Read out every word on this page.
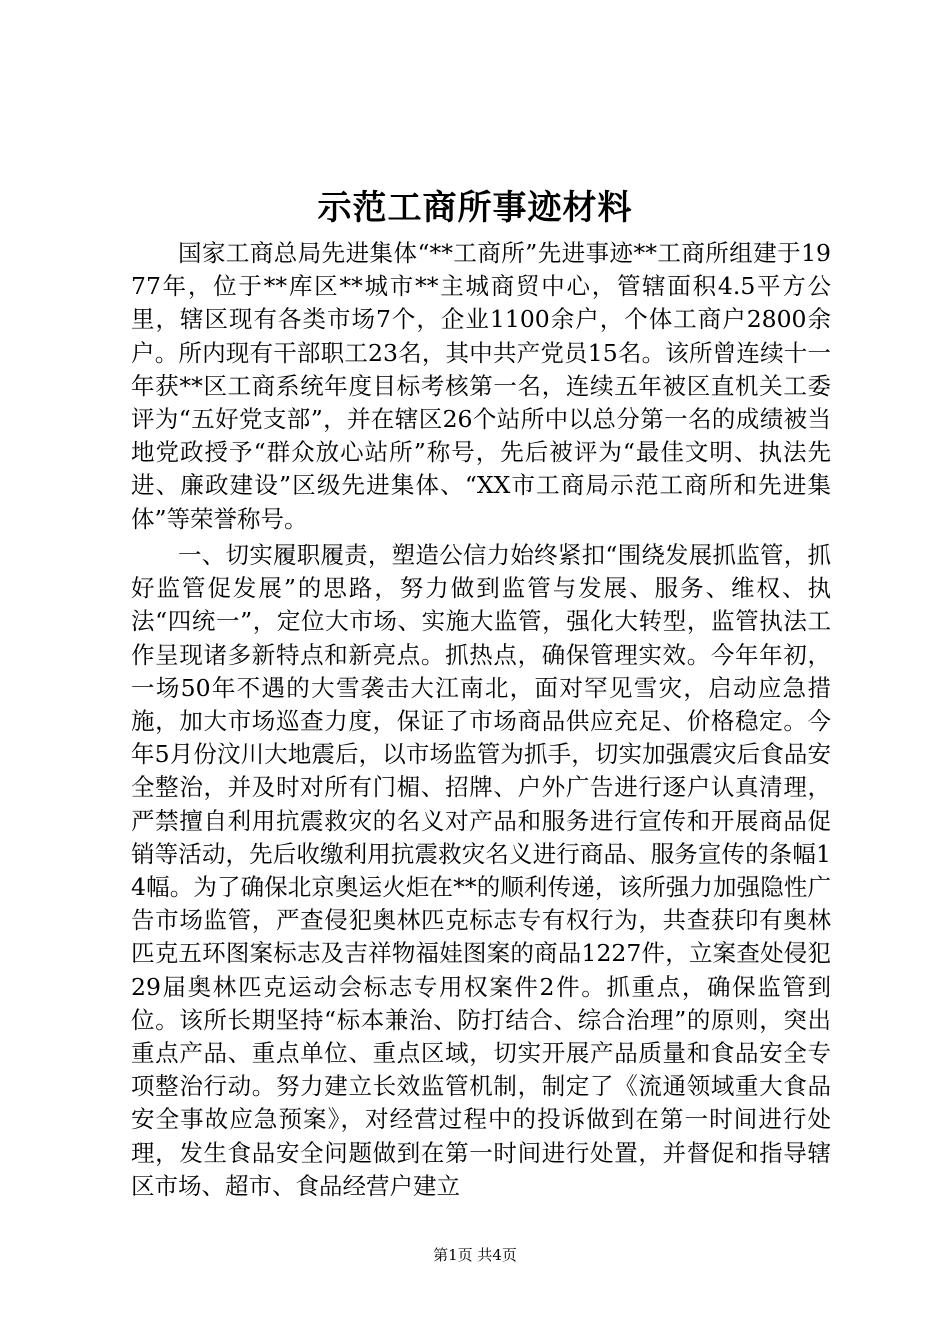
示范工商所事迹材料

国家工商总局先进集体“**工商所”先进事迹**工商所组建于1977年，位于**库区**城市**主城商贸中心，管辖面积4.5平方公里，辖区现有各类市场7个，企业1100余户，个体工商户2800余户。所内现有干部职工23名，其中共产党员15名。该所曾连续十一年获**区工商系统年度目标考核第一名，连续五年被区直机关工委评为“五好党支部”，并在辖区26个站所中以总分第一名的成绩被当地党政授予“群众放心站所”称号，先后被评为“最佳文明、执法先进、廉政建设”区级先进集体、“XX市工商局示范工商所和先进集体”等荣誉称号。

一、切实履职履责，塑造公信力始终紧扣“围绕发展抓监管，抓好监管促发展”的思路，努力做到监管与发展、服务、维权、执法“四统一”，定位大市场、实施大监管，强化大转型，监管执法工作呈现诸多新特点和新亮点。抓热点，确保管理实效。今年年初，一场50年不遇的大雪袭击大江南北，面对罕见雪灾，启动应急措施，加大市场巡查力度，保证了市场商品供应充足、价格稳定。今年5月份汶川大地震后，以市场监管为抓手，切实加强震灾后食品安全整治，并及时对所有门楣、招牌、户外广告进行逐户认真清理，严禁擅自利用抗震救灾的名义对产品和服务进行宣传和开展商品促销等活动，先后收缴利用抗震救灾名义进行商品、服务宣传的条幅14幅。为了确保北京奥运火炬在**的顺利传递，该所强力加强隐性广告市场监管，严查侵犯奥林匹克标志专有权行为，共查获印有奥林匹克五环图案标志及吉祥物福娃图案的商品1227件，立案查处侵犯29届奥林匹克运动会标志专用权案件2件。抓重点，确保监管到位。该所长期坚持“标本兼治、防打结合、综合治理”的原则，突出重点产品、重点单位、重点区域，切实开展产品质量和食品安全专项整治行动。努力建立长效监管机制，制定了《流通领域重大食品安全事故应急预案》，对经营过程中的投诉做到在第一时间进行处理，发生食品安全问题做到在第一时间进行处置，并督促和指导辖区市场、超市、食品经营户建立

第1页 共4页
